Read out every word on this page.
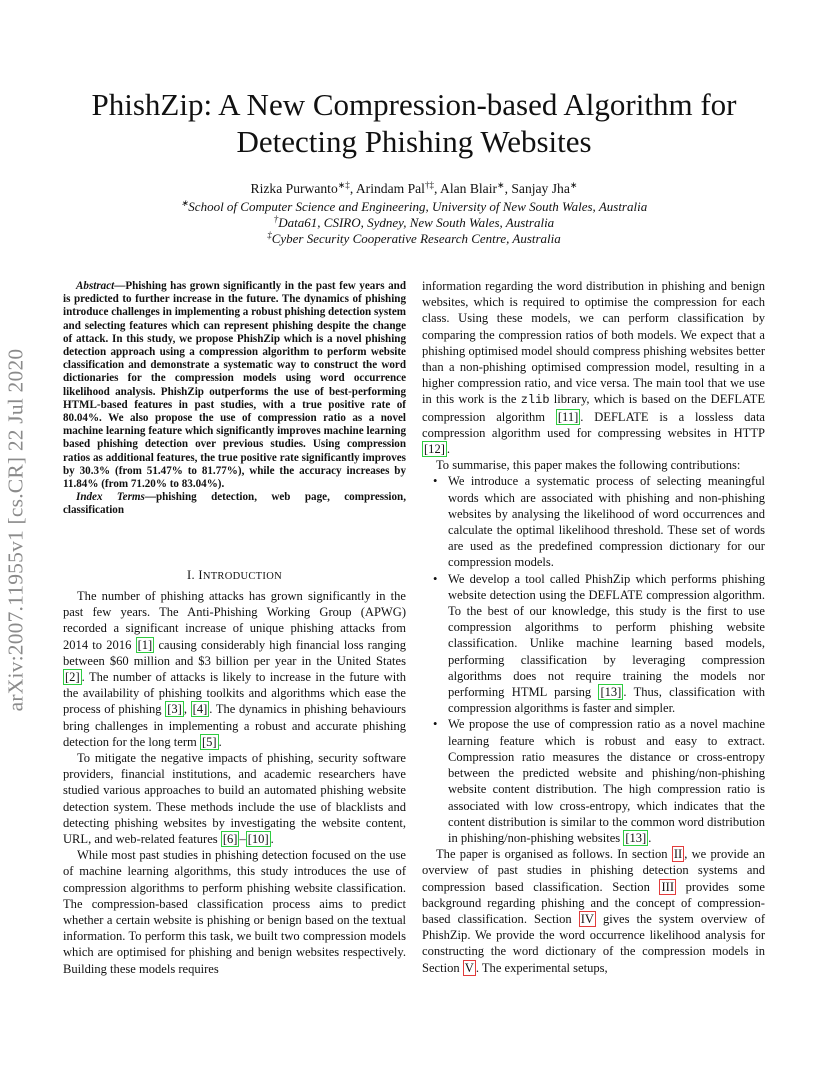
arXiv:2007.11955v1 [cs.CR] 22 Jul 2020
PhishZip: A New Compression-based Algorithm for
Detecting Phishing Websites
Rizka Purwanto∗‡, Arindam Pal†‡, Alan Blair∗, Sanjay Jha∗
∗School of Computer Science and Engineering, University of New South Wales, Australia
†Data61, CSIRO, Sydney, New South Wales, Australia
‡Cyber Security Cooperative Research Centre, Australia

Abstract—Phishing has grown significantly in the past few years and is predicted to further increase in the future. The dynamics of phishing introduce challenges in implementing a robust phishing detection system and selecting features which can represent phishing despite the change of attack. In this study, we propose PhishZip which is a novel phishing detection approach using a compression algorithm to perform website classification and demonstrate a systematic way to construct the word dictionaries for the compression models using word occurrence likelihood analysis. PhishZip outperforms the use of best-performing HTML-based features in past studies, with a true positive rate of 80.04%. We also propose the use of compression ratio as a novel machine learning feature which significantly improves machine learning based phishing detection over previous studies. Using compression ratios as additional features, the true positive rate significantly improves by 30.3% (from 51.47% to 81.77%), while the accuracy increases by 11.84% (from 71.20% to 83.04%).

Index Terms—phishing detection, web page, compression, classification

I. INTRODUCTION

The number of phishing attacks has grown significantly in the past few years. The Anti-Phishing Working Group (APWG) recorded a significant increase of unique phishing attacks from 2014 to 2016 [1] causing considerably high financial loss ranging between $60 million and $3 billion per year in the United States [2] . The number of attacks is likely to increase in the future with the availability of phishing toolkits and algorithms which ease the process of phishing [3] , [4] . The dynamics in phishing behaviours bring challenges in implementing a robust and accurate phishing detection for the long term [5] .

To mitigate the negative impacts of phishing, security software providers, financial institutions, and academic researchers have studied various approaches to build an automated phishing website detection system. These methods include the use of blacklists and detecting phishing websites by investigating the website content, URL, and web-related features [6] – [10] .

While most past studies in phishing detection focused on the use of machine learning algorithms, this study introduces the use of compression algorithms to perform phishing website classification. The compression-based classification process aims to predict whether a certain website is phishing or benign based on the textual information. To perform this task, we built two compression models which are optimised for phishing and benign websites respectively. Building these models requires

information regarding the word distribution in phishing and benign websites, which is required to optimise the compression for each class. Using these models, we can perform classification by comparing the compression ratios of both models. We expect that a phishing optimised model should compress phishing websites better than a non-phishing optimised compression model, resulting in a higher compression ratio, and vice versa. The main tool that we use in this work is the zlib library, which is based on the DEFLATE compression algorithm [11] . DEFLATE is a lossless data compression algorithm used for compressing websites in HTTP [12] .

To summarise, this paper makes the following contributions:

• We introduce a systematic process of selecting meaningful words which are associated with phishing and non-phishing websites by analysing the likelihood of word occurrences and calculate the optimal likelihood threshold. These set of words are used as the predefined compression dictionary for our compression models.
• We develop a tool called PhishZip which performs phishing website detection using the DEFLATE compression algorithm. To the best of our knowledge, this study is the first to use compression algorithms to perform phishing website classification. Unlike machine learning based models, performing classification by leveraging compression algorithms does not require training the models nor performing HTML parsing [13] . Thus, classification with compression algorithms is faster and simpler.
• We propose the use of compression ratio as a novel machine learning feature which is robust and easy to extract. Compression ratio measures the distance or cross-entropy between the predicted website and phishing/non-phishing website content distribution. The high compression ratio is associated with low cross-entropy, which indicates that the content distribution is similar to the common word distribution in phishing/non-phishing websites [13] .

The paper is organised as follows. In section II , we provide an overview of past studies in phishing detection systems and compression based classification. Section III provides some background regarding phishing and the concept of compression-based classification. Section IV gives the system overview of PhishZip. We provide the word occurrence likelihood analysis for constructing the word dictionary of the compression models in Section V . The experimental setups,
